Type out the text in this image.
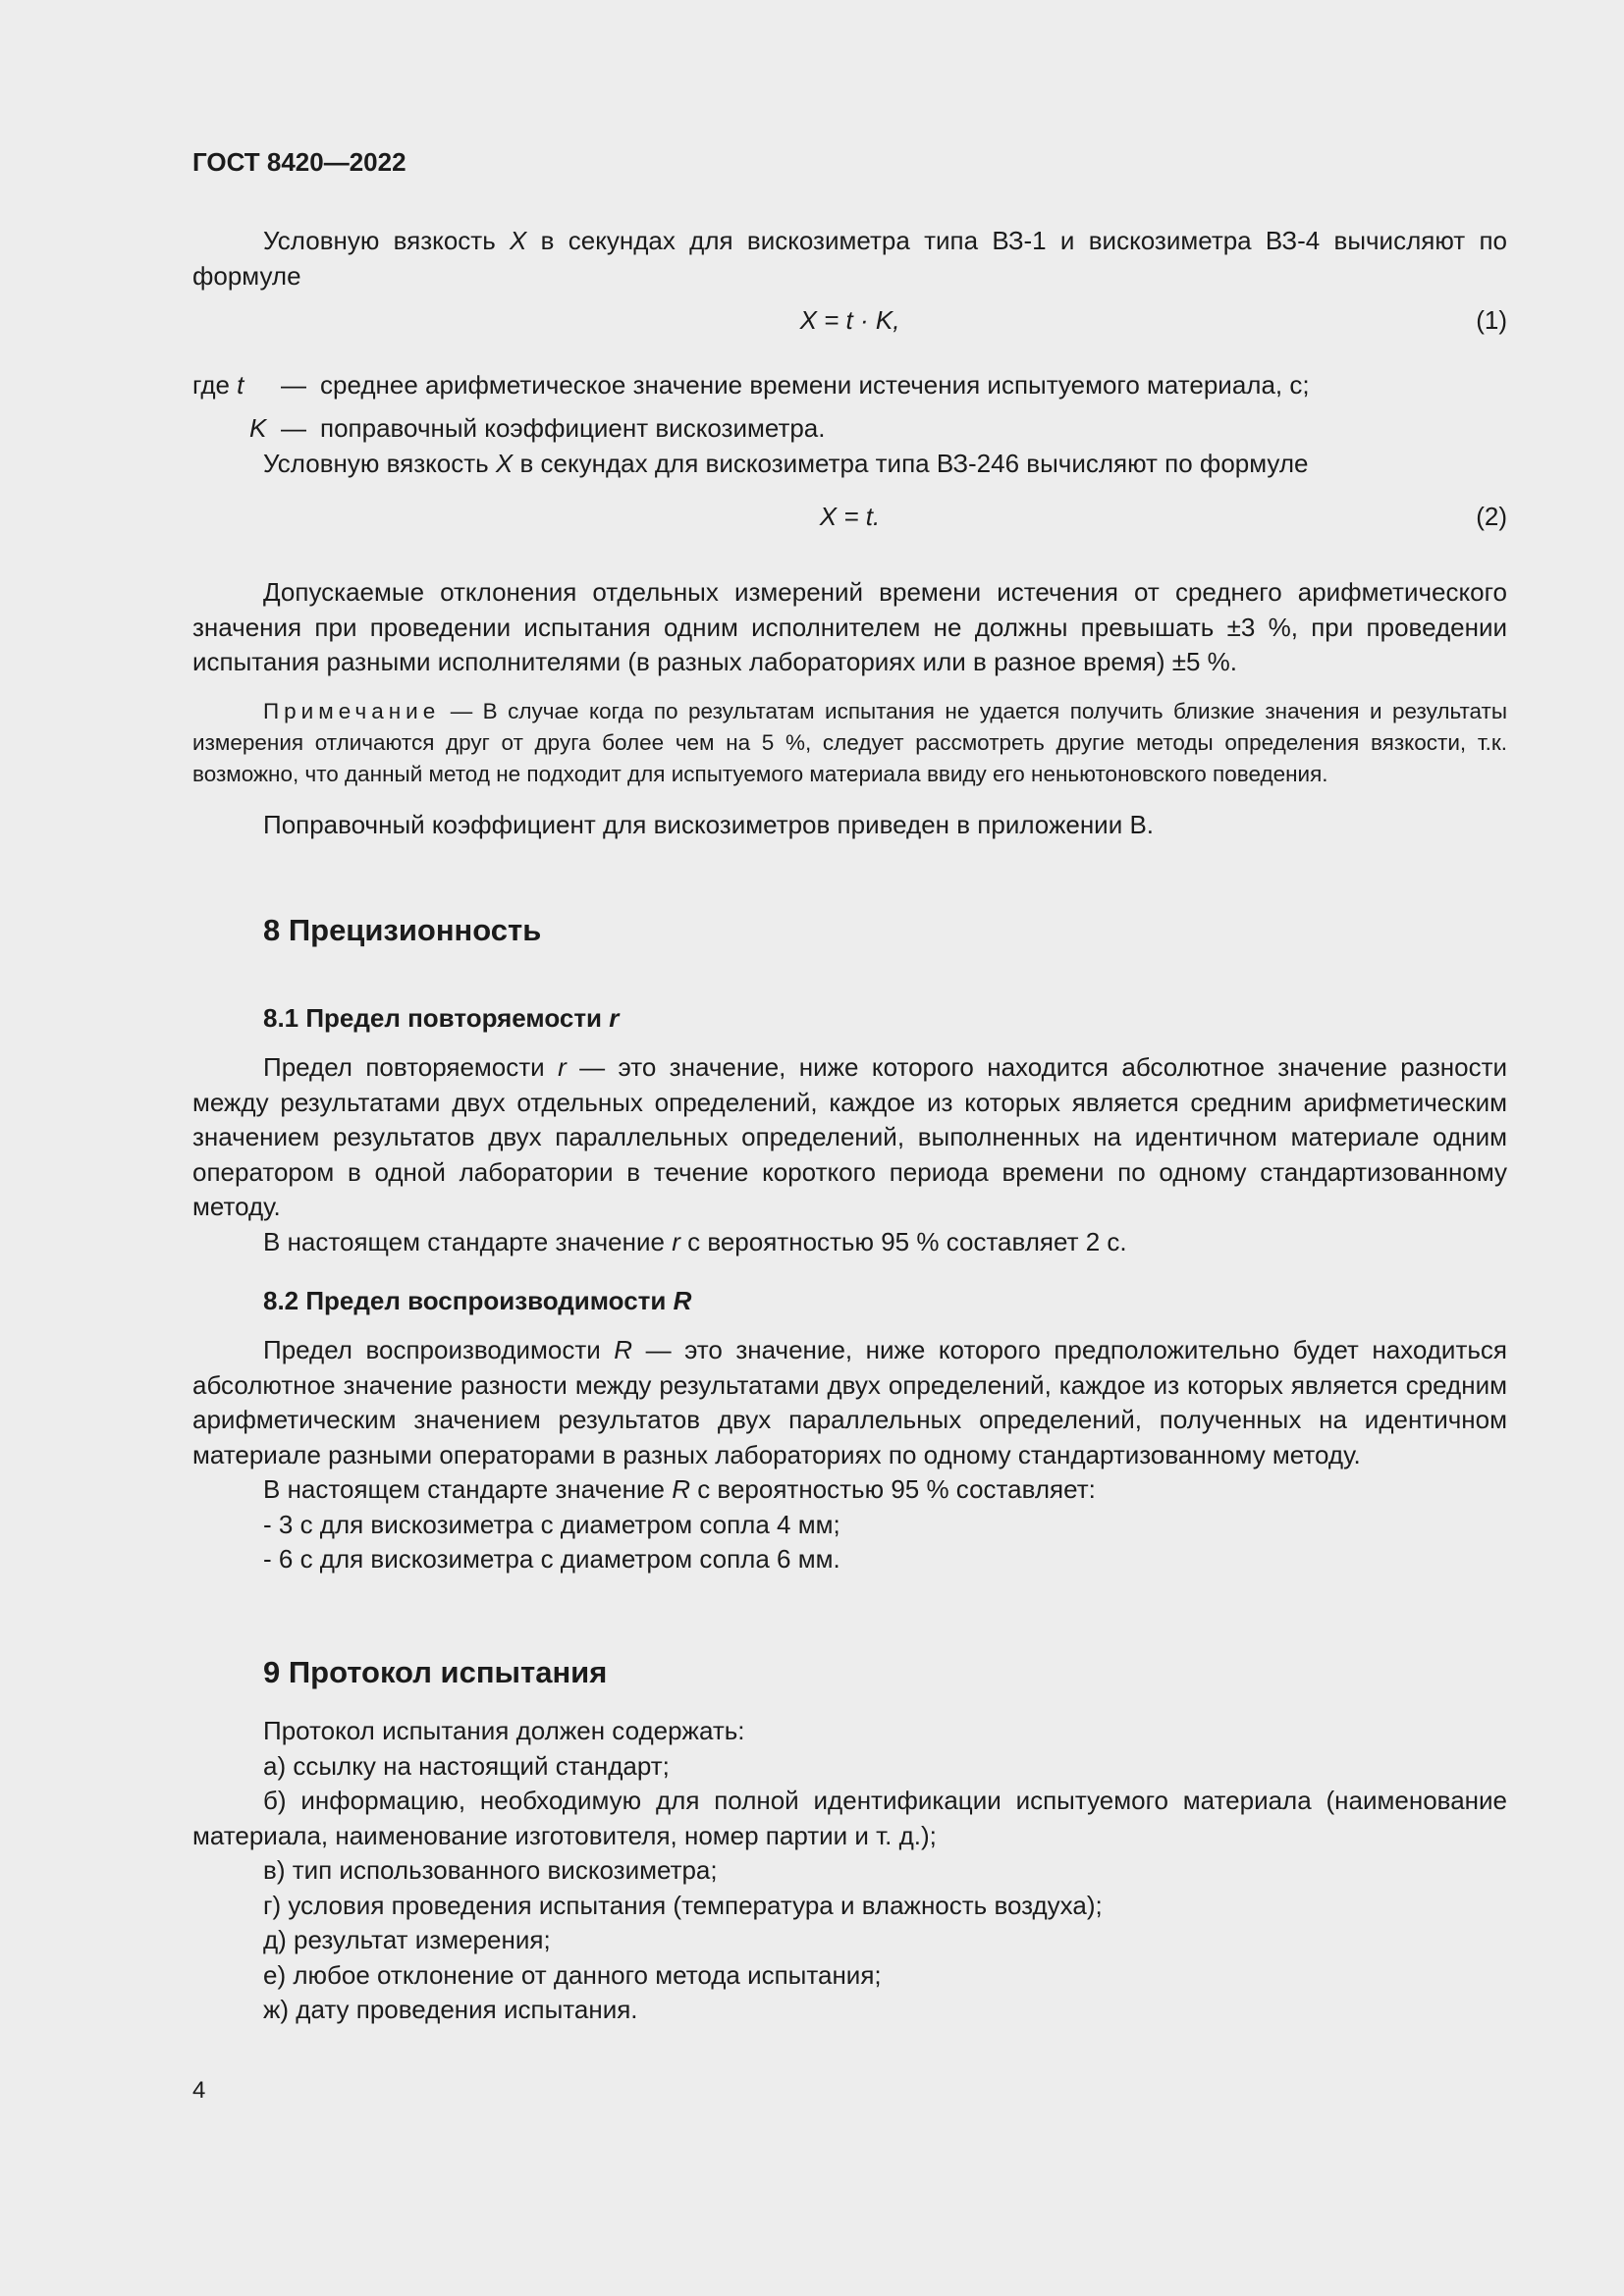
ГОСТ 8420—2022

Условную вязкость X в секундах для вискозиметра типа ВЗ-1 и вискозиметра ВЗ-4 вычисляют по формуле

X = t · K,	(1)
где t — среднее арифметическое значение времени истечения испытуемого материала, с;
K — поправочный коэффициент вискозиметра.

Условную вязкость X в секундах для вискозиметра типа ВЗ-246 вычисляют по формуле

X = t.	(2)

Допускаемые отклонения отдельных измерений времени истечения от среднего арифметического значения при проведении испытания одним исполнителем не должны превышать ±3 %, при проведении испытания разными исполнителями (в разных лабораториях или в разное время) ±5 %.

Примечание — В случае когда по результатам испытания не удается получить близкие значения и результаты измерения отличаются друг от друга более чем на 5 %, следует рассмотреть другие методы определения вязкости, т.к. возможно, что данный метод не подходит для испытуемого материала ввиду его неньютоновского поведения.

Поправочный коэффициент для вискозиметров приведен в приложении В.

8 Прецизионность
8.1 Предел повторяемости r

Предел повторяемости r — это значение, ниже которого находится абсолютное значение разности между результатами двух отдельных определений, каждое из которых является средним арифметическим значением результатов двух параллельных определений, выполненных на идентичном материале одним оператором в одной лаборатории в течение короткого периода времени по одному стандартизованному методу.

В настоящем стандарте значение r с вероятностью 95 % составляет 2 с.

8.2 Предел воспроизводимости R

Предел воспроизводимости R — это значение, ниже которого предположительно будет находиться абсолютное значение разности между результатами двух определений, каждое из которых является средним арифметическим значением результатов двух параллельных определений, полученных на идентичном материале разными операторами в разных лабораториях по одному стандартизованному методу.

В настоящем стандарте значение R с вероятностью 95 % составляет:

- 3 с для вискозиметра с диаметром сопла 4 мм;

- 6 с для вискозиметра с диаметром сопла 6 мм.

9 Протокол испытания

Протокол испытания должен содержать:

а) ссылку на настоящий стандарт;

б) информацию, необходимую для полной идентификации испытуемого материала (наименование материала, наименование изготовителя, номер партии и т. д.);

в) тип использованного вискозиметра;

г) условия проведения испытания (температура и влажность воздуха);

д) результат измерения;

е) любое отклонение от данного метода испытания;

ж) дату проведения испытания.

4
